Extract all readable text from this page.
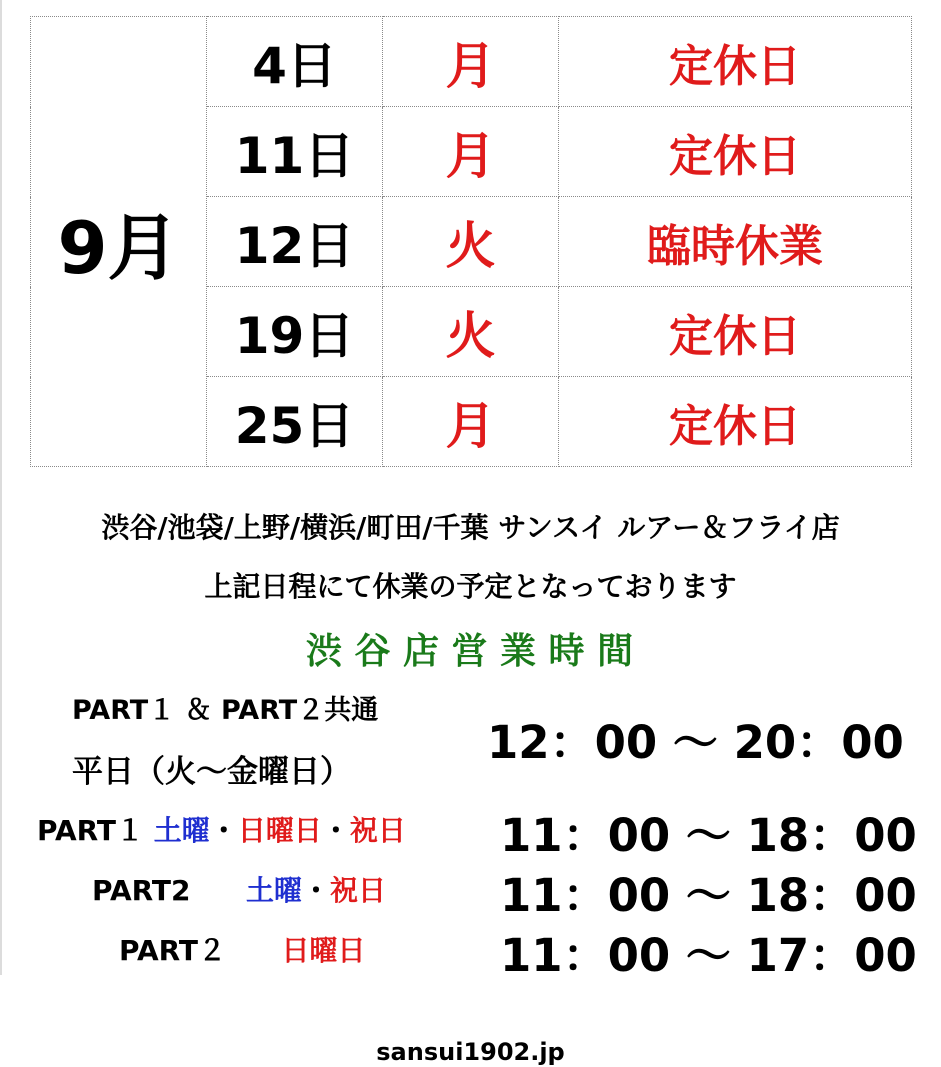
9月	4日	月	定休日
	11日	月	定休日
	12日	火	臨時休業
	19日	火	定休日
	25日	月	定休日
渋谷/池袋/上野/横浜/町田/千葉 サンスイ ルアー＆フライ店
上記日程にて休業の予定となっております
渋 谷 店 営 業 時 間
PART１ ＆ PART２共通
平日（火～金曜日）
12：00 ～ 20：00
PART１ 土曜・日曜日・祝日 11：00 ～ 18：00
PART2 土曜・祝日	11：00 ～ 18：00
PART２ 日曜日	11：00 ～ 17：00
sansui1902.jp
